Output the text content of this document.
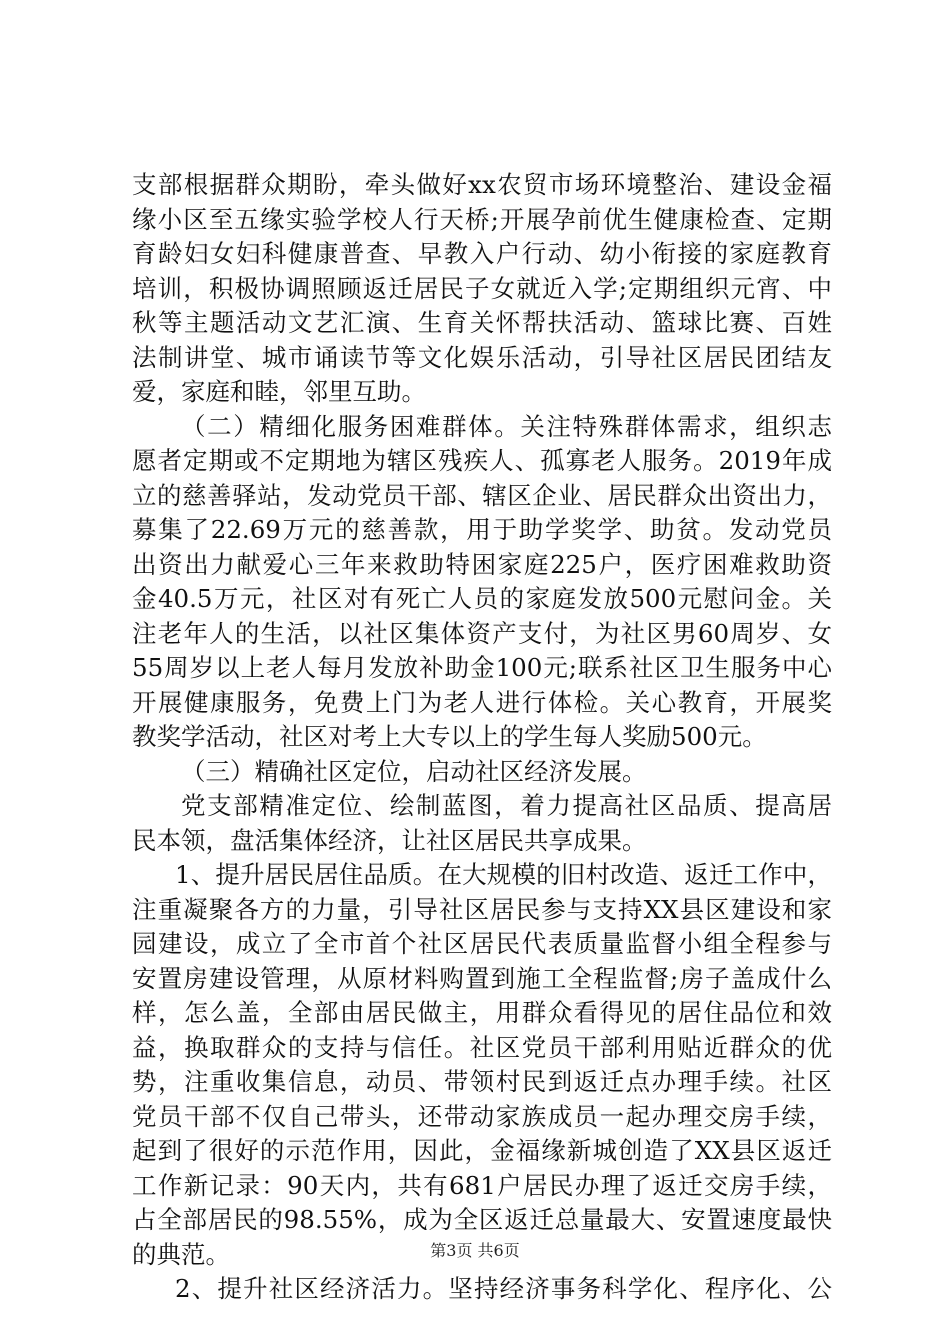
支部根据群众期盼，牵头做好xx农贸市场环境整治、建设金福
缘小区至五缘实验学校人行天桥;开展孕前优生健康检查、定期
育龄妇女妇科健康普查、早教入户行动、幼小衔接的家庭教育
培训，积极协调照顾返迁居民子女就近入学;定期组织元宵、中
秋等主题活动文艺汇演、生育关怀帮扶活动、篮球比赛、百姓
法制讲堂、城市诵读节等文化娱乐活动，引导社区居民团结友
爱，家庭和睦，邻里互助。
（二）精细化服务困难群体。关注特殊群体需求，组织志
愿者定期或不定期地为辖区残疾人、孤寡老人服务。2019年成
立的慈善驿站，发动党员干部、辖区企业、居民群众出资出力，
募集了22.69万元的慈善款，用于助学奖学、助贫。发动党员
出资出力献爱心三年来救助特困家庭225户，医疗困难救助资
金40.5万元，社区对有死亡人员的家庭发放500元慰问金。关
注老年人的生活，以社区集体资产支付，为社区男60周岁、女
55周岁以上老人每月发放补助金100元;联系社区卫生服务中心
开展健康服务，免费上门为老人进行体检。关心教育，开展奖
教奖学活动，社区对考上大专以上的学生每人奖励500元。
（三）精确社区定位，启动社区经济发展。
党支部精准定位、绘制蓝图，着力提高社区品质、提高居
民本领，盘活集体经济，让社区居民共享成果。
1、提升居民居住品质。在大规模的旧村改造、返迁工作中，
注重凝聚各方的力量，引导社区居民参与支持XX县区建设和家
园建设，成立了全市首个社区居民代表质量监督小组全程参与
安置房建设管理，从原材料购置到施工全程监督;房子盖成什么
样，怎么盖，全部由居民做主，用群众看得见的居住品位和效
益，换取群众的支持与信任。社区党员干部利用贴近群众的优
势，注重收集信息，动员、带领村民到返迁点办理手续。社区
党员干部不仅自己带头，还带动家族成员一起办理交房手续，
起到了很好的示范作用，因此，金福缘新城创造了XX县区返迁
工作新记录：90天内，共有681户居民办理了返迁交房手续，
占全部居民的98.55%，成为全区返迁总量最大、安置速度最快
的典范。
2、提升社区经济活力。坚持经济事务科学化、程序化、公
第3页 共6页
